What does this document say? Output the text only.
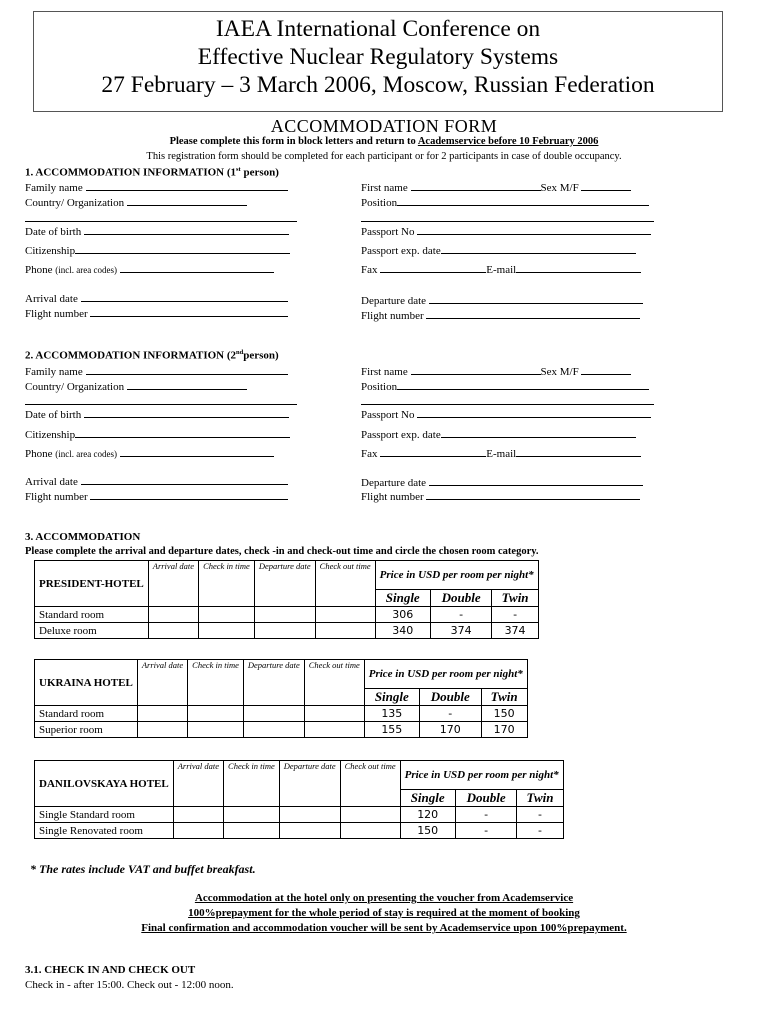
IAEA International Conference on
Effective Nuclear Regulatory Systems
27 February – 3 March 2006, Moscow, Russian Federation
ACCOMMODATION FORM
Please complete this form in block letters and return to Academservice before 10 February 2006
This registration form should be completed for each participant or for 2 participants in case of double occupancy.
1. ACCOMMODATION INFORMATION (1st person)
Family name
Country/ Organization
Date of birth
Citizenship
Phone (incl. area codes)
Arrival date
Flight number
First name	Sex M/F
Position
Passport No
Passport exp. date
Fax	E-mail
Departure date
Flight number
2. ACCOMMODATION INFORMATION (2ndperson)
Family name
Country/ Organization
Date of birth
Citizenship
Phone (incl. area codes)
Arrival date
Flight number
First name	Sex M/F
Position
Passport No
Passport exp. date
Fax	E-mail
Departure date
Flight number
3. ACCOMMODATION
Please complete the arrival and departure dates, check -in and check-out time and circle the chosen room category.
PRESIDENT-HOTEL	Arrival date	Check in time	Departure date	Check out time	Price in USD per room per night*		
					Single	Double	Twin
Standard room					306	-	-
Deluxe room					340	374	374
UKRAINA HOTEL	Arrival date	Check in time	Departure date	Check out time	Price in USD per room per night*		
					Single	Double	Twin
Standard room					135	-	150
Superior room					155	170	170
DANILOVSKAYA HOTEL	Arrival date	Check in time	Departure date	Check out time	Price in USD per room per night*		
					Single	Double	Twin
Single Standard room					120	-	-
Single Renovated room					150	-	-
* The rates include VAT and buffet breakfast.
Accommodation at the hotel only on presenting the voucher from Academservice
100%prepayment for the whole period of stay is required at the moment of booking
Final confirmation and accommodation voucher will be sent by Academservice upon 100%prepayment.
3.1. CHECK IN AND CHECK OUT
Check in - after 15:00. Check out - 12:00 noon.
